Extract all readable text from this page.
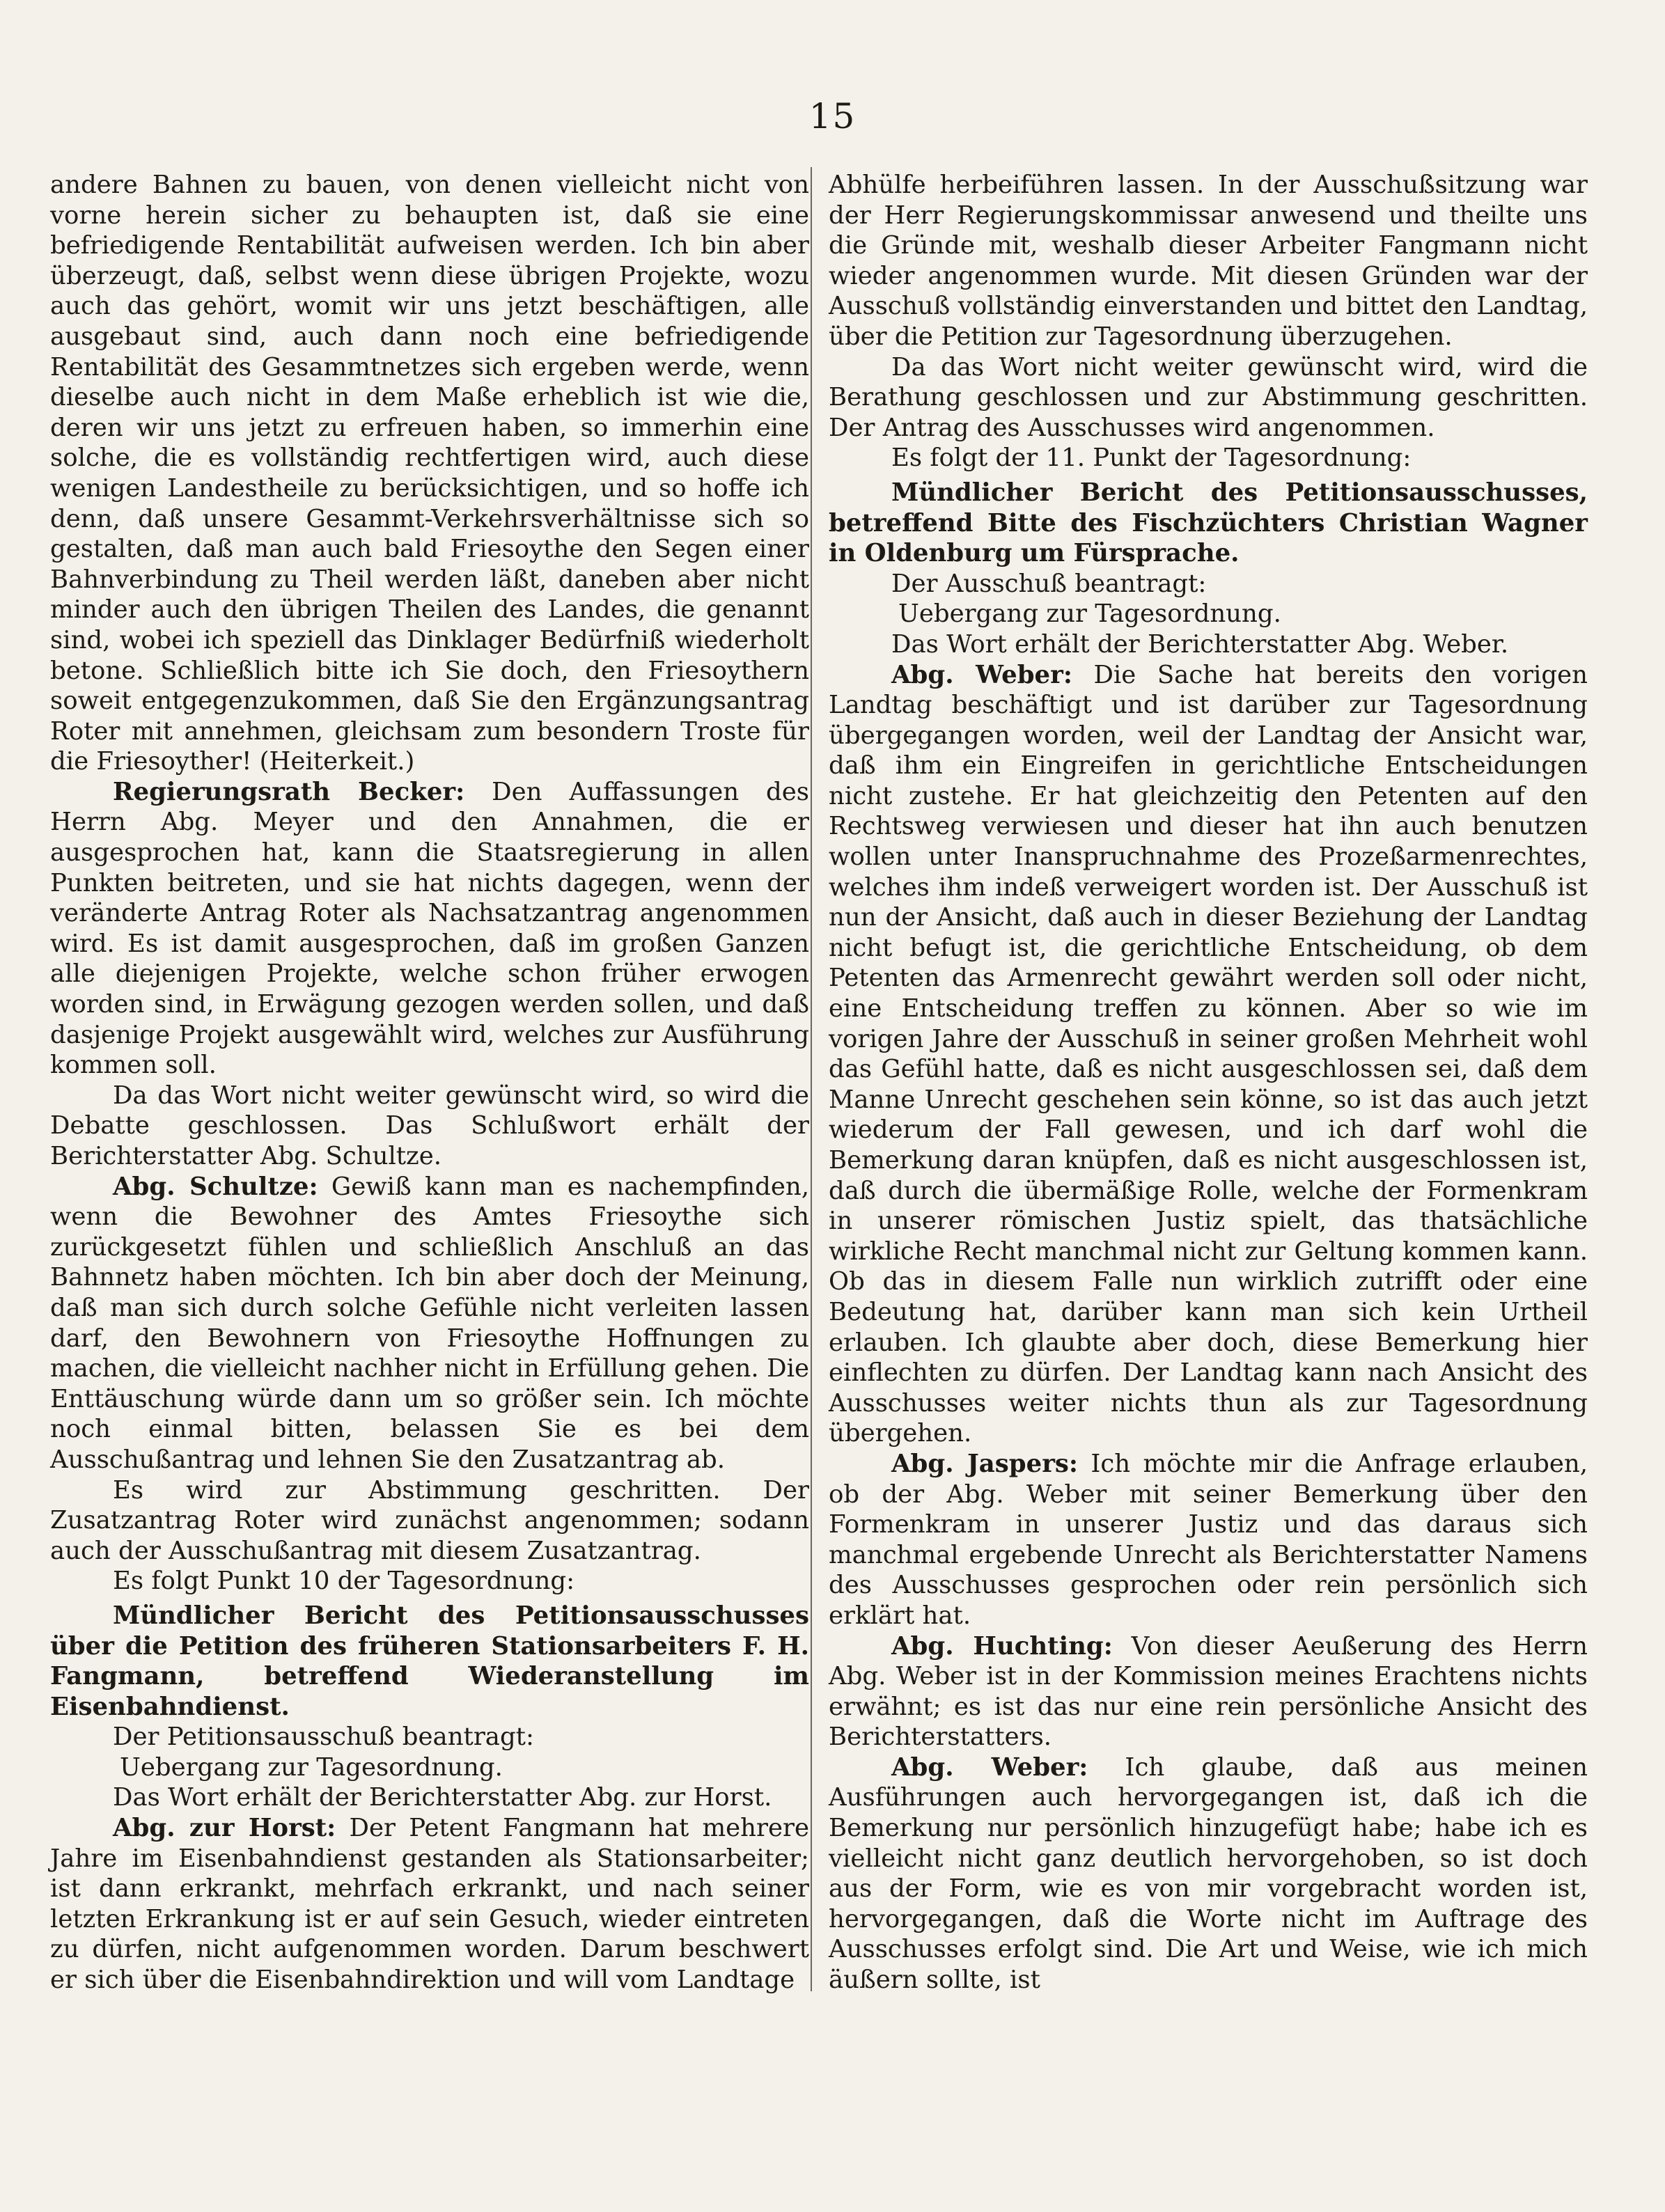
15

andere Bahnen zu bauen, von denen vielleicht nicht von vorne herein sicher zu behaupten ist, daß sie eine befriedigende Rentabilität aufweisen werden. Ich bin aber überzeugt, daß, selbst wenn diese übrigen Projekte, wozu auch das gehört, womit wir uns jetzt beschäftigen, alle ausgebaut sind, auch dann noch eine befriedigende Rentabilität des Gesammtnetzes sich ergeben werde, wenn dieselbe auch nicht in dem Maße erheblich ist wie die, deren wir uns jetzt zu erfreuen haben, so immerhin eine solche, die es vollständig rechtfertigen wird, auch diese wenigen Landestheile zu berücksichtigen, und so hoffe ich denn, daß unsere Gesammt-Verkehrsverhältnisse sich so gestalten, daß man auch bald Friesoythe den Segen einer Bahnverbindung zu Theil werden läßt, daneben aber nicht minder auch den übrigen Theilen des Landes, die genannt sind, wobei ich speziell das Dinklager Bedürfniß wiederholt betone. Schließlich bitte ich Sie doch, den Friesoythern soweit entgegenzukommen, daß Sie den Ergänzungsantrag Roter mit annehmen, gleichsam zum besondern Troste für die Friesoyther! (Heiterkeit.)

Regierungsrath Becker: Den Auffassungen des Herrn Abg. Meyer und den Annahmen, die er ausgesprochen hat, kann die Staatsregierung in allen Punkten beitreten, und sie hat nichts dagegen, wenn der veränderte Antrag Roter als Nachsatzantrag angenommen wird. Es ist damit ausgesprochen, daß im großen Ganzen alle diejenigen Projekte, welche schon früher erwogen worden sind, in Erwägung gezogen werden sollen, und daß dasjenige Projekt ausgewählt wird, welches zur Ausführung kommen soll.

Da das Wort nicht weiter gewünscht wird, so wird die Debatte geschlossen. Das Schlußwort erhält der Berichterstatter Abg. Schultze.

Abg. Schultze: Gewiß kann man es nachempfinden, wenn die Bewohner des Amtes Friesoythe sich zurückgesetzt fühlen und schließlich Anschluß an das Bahnnetz haben möchten. Ich bin aber doch der Meinung, daß man sich durch solche Gefühle nicht verleiten lassen darf, den Bewohnern von Friesoythe Hoffnungen zu machen, die vielleicht nachher nicht in Erfüllung gehen. Die Enttäuschung würde dann um so größer sein. Ich möchte noch einmal bitten, belassen Sie es bei dem Ausschußantrag und lehnen Sie den Zusatzantrag ab.

Es wird zur Abstimmung geschritten. Der Zusatzantrag Roter wird zunächst angenommen; sodann auch der Ausschußantrag mit diesem Zusatzantrag.

Es folgt Punkt 10 der Tagesordnung:

Mündlicher Bericht des Petitionsausschusses über die Petition des früheren Stationsarbeiters F. H. Fangmann, betreffend Wiederanstellung im Eisenbahndienst.

Der Petitionsausschuß beantragt:

Uebergang zur Tagesordnung.

Das Wort erhält der Berichterstatter Abg. zur Horst.

Abg. zur Horst: Der Petent Fangmann hat mehrere Jahre im Eisenbahndienst gestanden als Stationsarbeiter; ist dann erkrankt, mehrfach erkrankt, und nach seiner letzten Erkrankung ist er auf sein Gesuch, wieder eintreten zu dürfen, nicht aufgenommen worden. Darum beschwert er sich über die Eisenbahndirektion und will vom Landtage

Abhülfe herbeiführen lassen. In der Ausschußsitzung war der Herr Regierungskommissar anwesend und theilte uns die Gründe mit, weshalb dieser Arbeiter Fangmann nicht wieder angenommen wurde. Mit diesen Gründen war der Ausschuß vollständig einverstanden und bittet den Landtag, über die Petition zur Tagesordnung überzugehen.

Da das Wort nicht weiter gewünscht wird, wird die Berathung geschlossen und zur Abstimmung geschritten. Der Antrag des Ausschusses wird angenommen.

Es folgt der 11. Punkt der Tagesordnung:

Mündlicher Bericht des Petitionsausschusses, betreffend Bitte des Fischzüchters Christian Wagner in Oldenburg um Fürsprache.

Der Ausschuß beantragt:

Uebergang zur Tagesordnung.

Das Wort erhält der Berichterstatter Abg. Weber.

Abg. Weber: Die Sache hat bereits den vorigen Landtag beschäftigt und ist darüber zur Tagesordnung übergegangen worden, weil der Landtag der Ansicht war, daß ihm ein Eingreifen in gerichtliche Entscheidungen nicht zustehe. Er hat gleichzeitig den Petenten auf den Rechtsweg verwiesen und dieser hat ihn auch benutzen wollen unter Inanspruchnahme des Prozeßarmenrechtes, welches ihm indeß verweigert worden ist. Der Ausschuß ist nun der Ansicht, daß auch in dieser Beziehung der Landtag nicht befugt ist, die gerichtliche Entscheidung, ob dem Petenten das Armenrecht gewährt werden soll oder nicht, eine Entscheidung treffen zu können. Aber so wie im vorigen Jahre der Ausschuß in seiner großen Mehrheit wohl das Gefühl hatte, daß es nicht ausgeschlossen sei, daß dem Manne Unrecht geschehen sein könne, so ist das auch jetzt wiederum der Fall gewesen, und ich darf wohl die Bemerkung daran knüpfen, daß es nicht ausgeschlossen ist, daß durch die übermäßige Rolle, welche der Formenkram in unserer römischen Justiz spielt, das thatsächliche wirkliche Recht manchmal nicht zur Geltung kommen kann. Ob das in diesem Falle nun wirklich zutrifft oder eine Bedeutung hat, darüber kann man sich kein Urtheil erlauben. Ich glaubte aber doch, diese Bemerkung hier einflechten zu dürfen. Der Landtag kann nach Ansicht des Ausschusses weiter nichts thun als zur Tagesordnung übergehen.

Abg. Jaspers: Ich möchte mir die Anfrage erlauben, ob der Abg. Weber mit seiner Bemerkung über den Formenkram in unserer Justiz und das daraus sich manchmal ergebende Unrecht als Berichterstatter Namens des Ausschusses gesprochen oder rein persönlich sich erklärt hat.

Abg. Huchting: Von dieser Aeußerung des Herrn Abg. Weber ist in der Kommission meines Erachtens nichts erwähnt; es ist das nur eine rein persönliche Ansicht des Berichterstatters.

Abg. Weber: Ich glaube, daß aus meinen Ausführungen auch hervorgegangen ist, daß ich die Bemerkung nur persönlich hinzugefügt habe; habe ich es vielleicht nicht ganz deutlich hervorgehoben, so ist doch aus der Form, wie es von mir vorgebracht worden ist, hervorgegangen, daß die Worte nicht im Auftrage des Ausschusses erfolgt sind. Die Art und Weise, wie ich mich äußern sollte, ist
